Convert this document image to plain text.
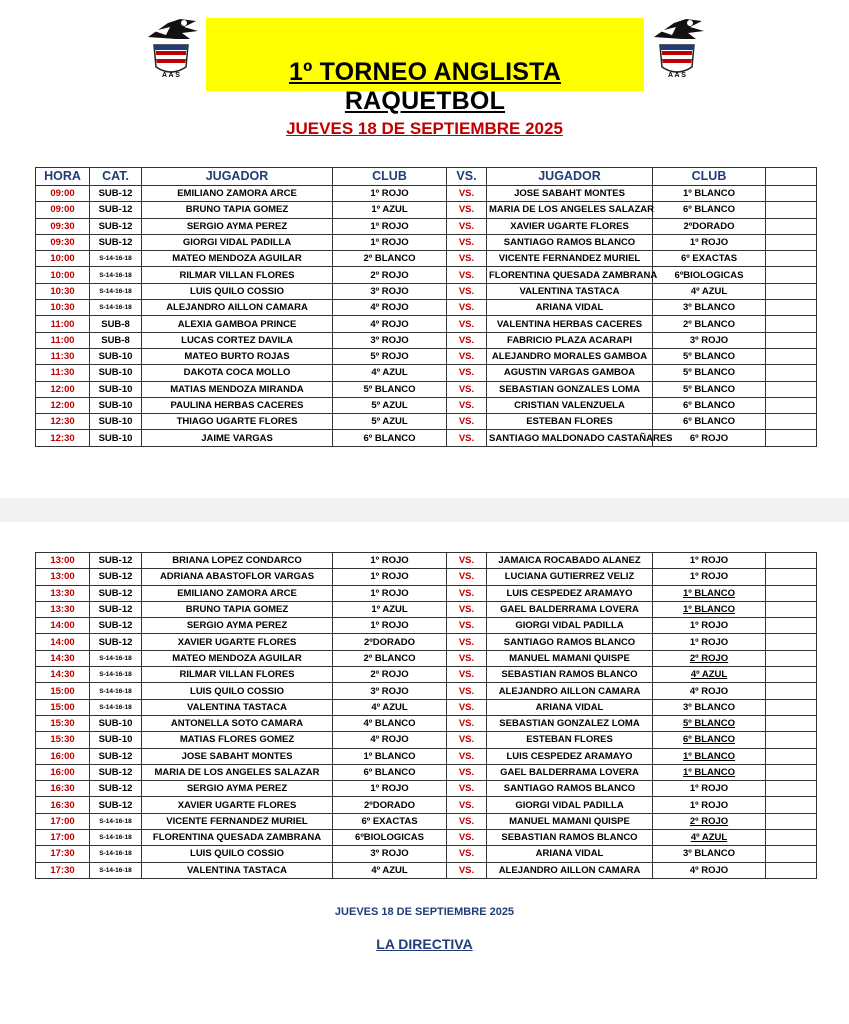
A A S	A A S
1º TORNEO ANGLISTA RAQUETBOL
JUEVES 18 DE SEPTIEMBRE 2025
HORA	CAT.	JUGADOR	CLUB	VS.	JUGADOR	CLUB	
09:00	SUB-12	EMILIANO ZAMORA ARCE	1º ROJO	VS.	JOSE SABAHT MONTES	1º BLANCO	
09:00	SUB-12	BRUNO TAPIA GOMEZ	1º AZUL	VS.	MARIA DE LOS ANGELES SALAZAR	6º BLANCO	
09:30	SUB-12	SERGIO AYMA PEREZ	1º ROJO	VS.	XAVIER UGARTE FLORES	2ºDORADO	
09:30	SUB-12	GIORGI VIDAL PADILLA	1º ROJO	VS.	SANTIAGO RAMOS BLANCO	1º ROJO	
10:00	S-14-16-18	MATEO MENDOZA AGUILAR	2º BLANCO	VS.	VICENTE FERNANDEZ MURIEL	6º EXACTAS	
10:00	S-14-16-18	RILMAR VILLAN FLORES	2º ROJO	VS.	FLORENTINA QUESADA ZAMBRANA	6ºBIOLOGICAS	
10:30	S-14-16-18	LUIS QUILO COSSIO	3º ROJO	VS.	VALENTINA TASTACA	4º AZUL	
10:30	S-14-16-18	ALEJANDRO AILLON CAMARA	4º ROJO	VS.	ARIANA VIDAL	3º BLANCO	
11:00	SUB-8	ALEXIA GAMBOA PRINCE	4º ROJO	VS.	VALENTINA HERBAS CACERES	2º BLANCO	
11:00	SUB-8	LUCAS CORTEZ DAVILA	3º ROJO	VS.	FABRICIO PLAZA ACARAPI	3º ROJO	
11:30	SUB-10	MATEO BURTO ROJAS	5º ROJO	VS.	ALEJANDRO MORALES GAMBOA	5º BLANCO	
11:30	SUB-10	DAKOTA COCA MOLLO	4º AZUL	VS.	AGUSTIN VARGAS GAMBOA	5º BLANCO	
12:00	SUB-10	MATIAS MENDOZA MIRANDA	5º BLANCO	VS.	SEBASTIAN GONZALES LOMA	5º BLANCO	
12:00	SUB-10	PAULINA HERBAS CACERES	5º AZUL	VS.	CRISTIAN VALENZUELA	6º BLANCO	
12:30	SUB-10	THIAGO UGARTE FLORES	5º AZUL	VS.	ESTEBAN FLORES	6º BLANCO	
12:30	SUB-10	JAIME VARGAS	6º BLANCO	VS.	SANTIAGO MALDONADO CASTAÑARES	6º ROJO	
13:00	SUB-12	BRIANA LOPEZ CONDARCO	1º ROJO	VS.	JAMAICA ROCABADO ALANEZ	1º ROJO	
13:00	SUB-12	ADRIANA ABASTOFLOR VARGAS	1º ROJO	VS.	LUCIANA GUTIERREZ VELIZ	1º ROJO	
13:30	SUB-12	EMILIANO ZAMORA ARCE	1º ROJO	VS.	LUIS CESPEDEZ ARAMAYO	1º BLANCO	
13:30	SUB-12	BRUNO TAPIA GOMEZ	1º AZUL	VS.	GAEL BALDERRAMA LOVERA	1º BLANCO	
14:00	SUB-12	SERGIO AYMA PEREZ	1º ROJO	VS.	GIORGI VIDAL PADILLA	1º ROJO	
14:00	SUB-12	XAVIER UGARTE FLORES	2ºDORADO	VS.	SANTIAGO RAMOS BLANCO	1º ROJO	
14:30	S-14-16-18	MATEO MENDOZA AGUILAR	2º BLANCO	VS.	MANUEL MAMANI QUISPE	2º ROJO	
14:30	S-14-16-18	RILMAR VILLAN FLORES	2º ROJO	VS.	SEBASTIAN RAMOS BLANCO	4º AZUL	
15:00	S-14-16-18	LUIS QUILO COSSIO	3º ROJO	VS.	ALEJANDRO AILLON CAMARA	4º ROJO	
15:00	S-14-16-18	VALENTINA TASTACA	4º AZUL	VS.	ARIANA VIDAL	3º BLANCO	
15:30	SUB-10	ANTONELLA SOTO CAMARA	4º BLANCO	VS.	SEBASTIAN GONZALEZ LOMA	5º BLANCO	
15:30	SUB-10	MATIAS FLORES GOMEZ	4º ROJO	VS.	ESTEBAN FLORES	6º BLANCO	
16:00	SUB-12	JOSE SABAHT MONTES	1º BLANCO	VS.	LUIS CESPEDEZ ARAMAYO	1º BLANCO	
16:00	SUB-12	MARIA DE LOS ANGELES SALAZAR	6º BLANCO	VS.	GAEL BALDERRAMA LOVERA	1º BLANCO	
16:30	SUB-12	SERGIO AYMA PEREZ	1º ROJO	VS.	SANTIAGO RAMOS BLANCO	1º ROJO	
16:30	SUB-12	XAVIER UGARTE FLORES	2ºDORADO	VS.	GIORGI VIDAL PADILLA	1º ROJO	
17:00	S-14-16-18	VICENTE FERNANDEZ MURIEL	6º EXACTAS	VS.	MANUEL MAMANI QUISPE	2º ROJO	
17:00	S-14-16-18	FLORENTINA QUESADA ZAMBRANA	6ºBIOLOGICAS	VS.	SEBASTIAN RAMOS BLANCO	4º AZUL	
17:30	S-14-16-18	LUIS QUILO COSSIO	3º ROJO	VS.	ARIANA VIDAL	3º BLANCO	
17:30	S-14-16-18	VALENTINA TASTACA	4º AZUL	VS.	ALEJANDRO AILLON CAMARA	4º ROJO	
JUEVES 18 DE SEPTIEMBRE 2025
LA DIRECTIVA
